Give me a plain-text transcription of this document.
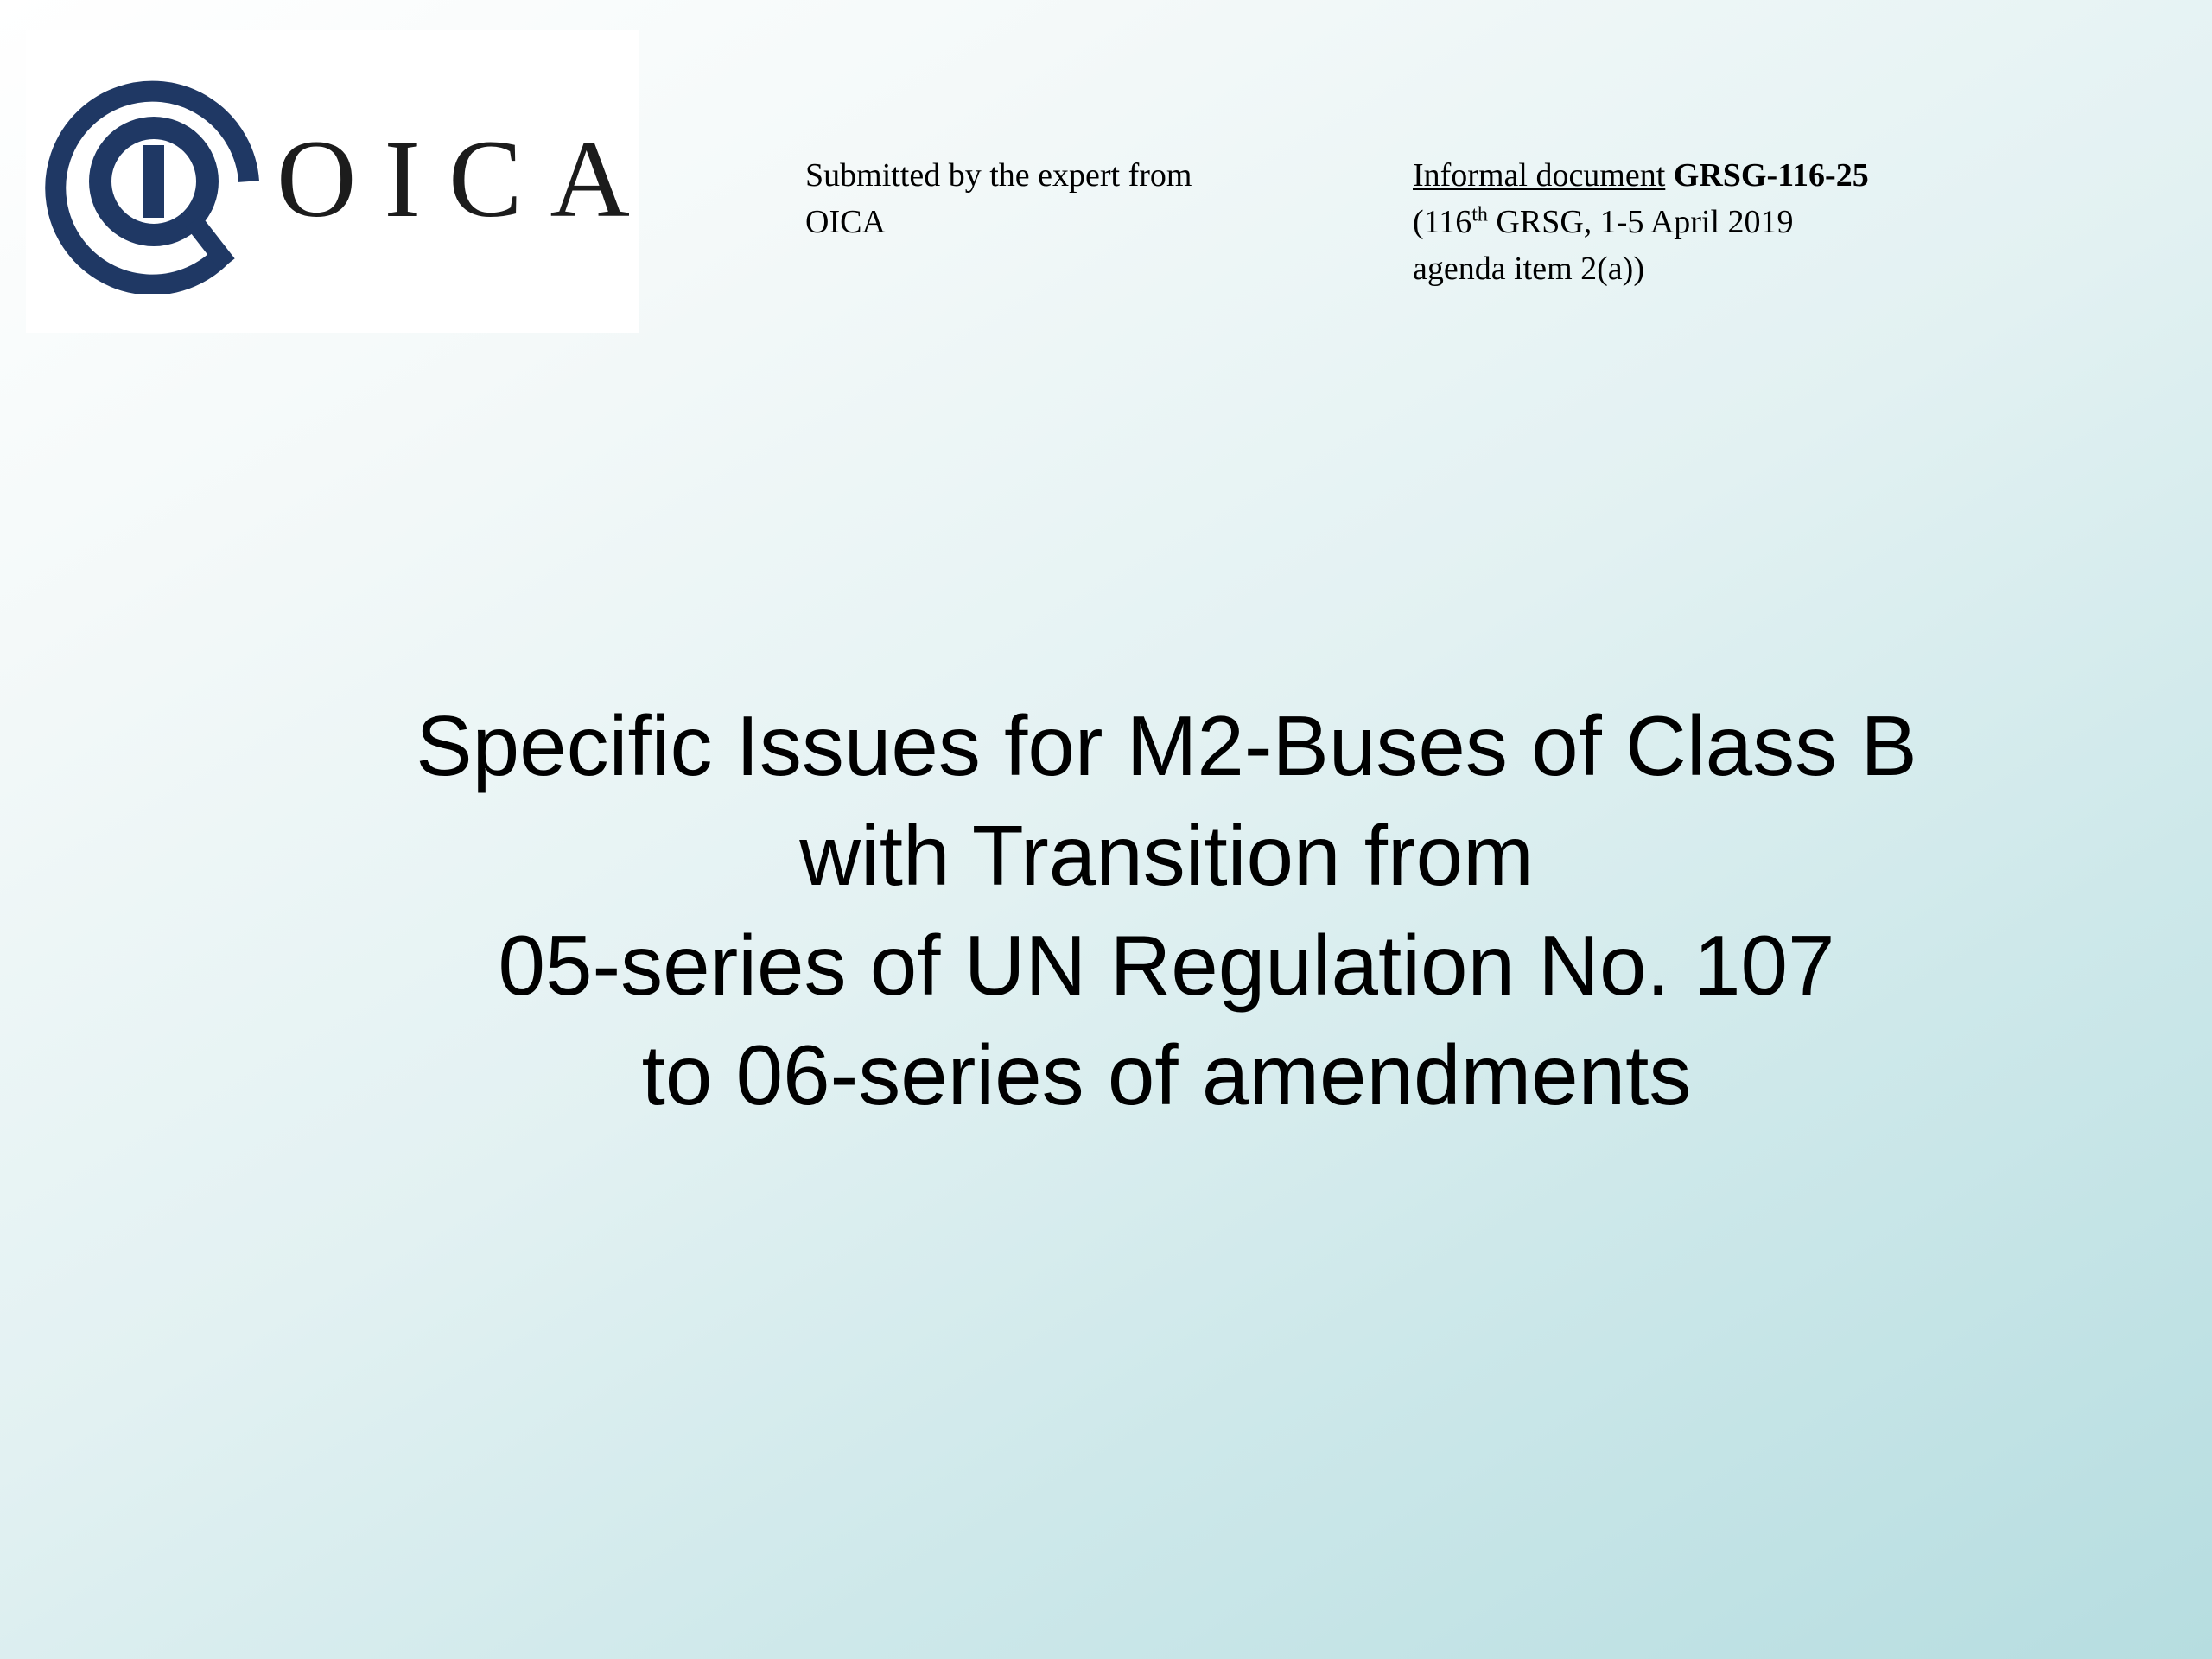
OICA	Submitted by the expert from
OICA
Informal document GRSG-116-25
(116th GRSG, 1-5 April 2019
agenda item 2(a))
Specific Issues for M2-Buses of Class B
with Transition from
05-series of UN Regulation No. 107
to 06-series of amendments
